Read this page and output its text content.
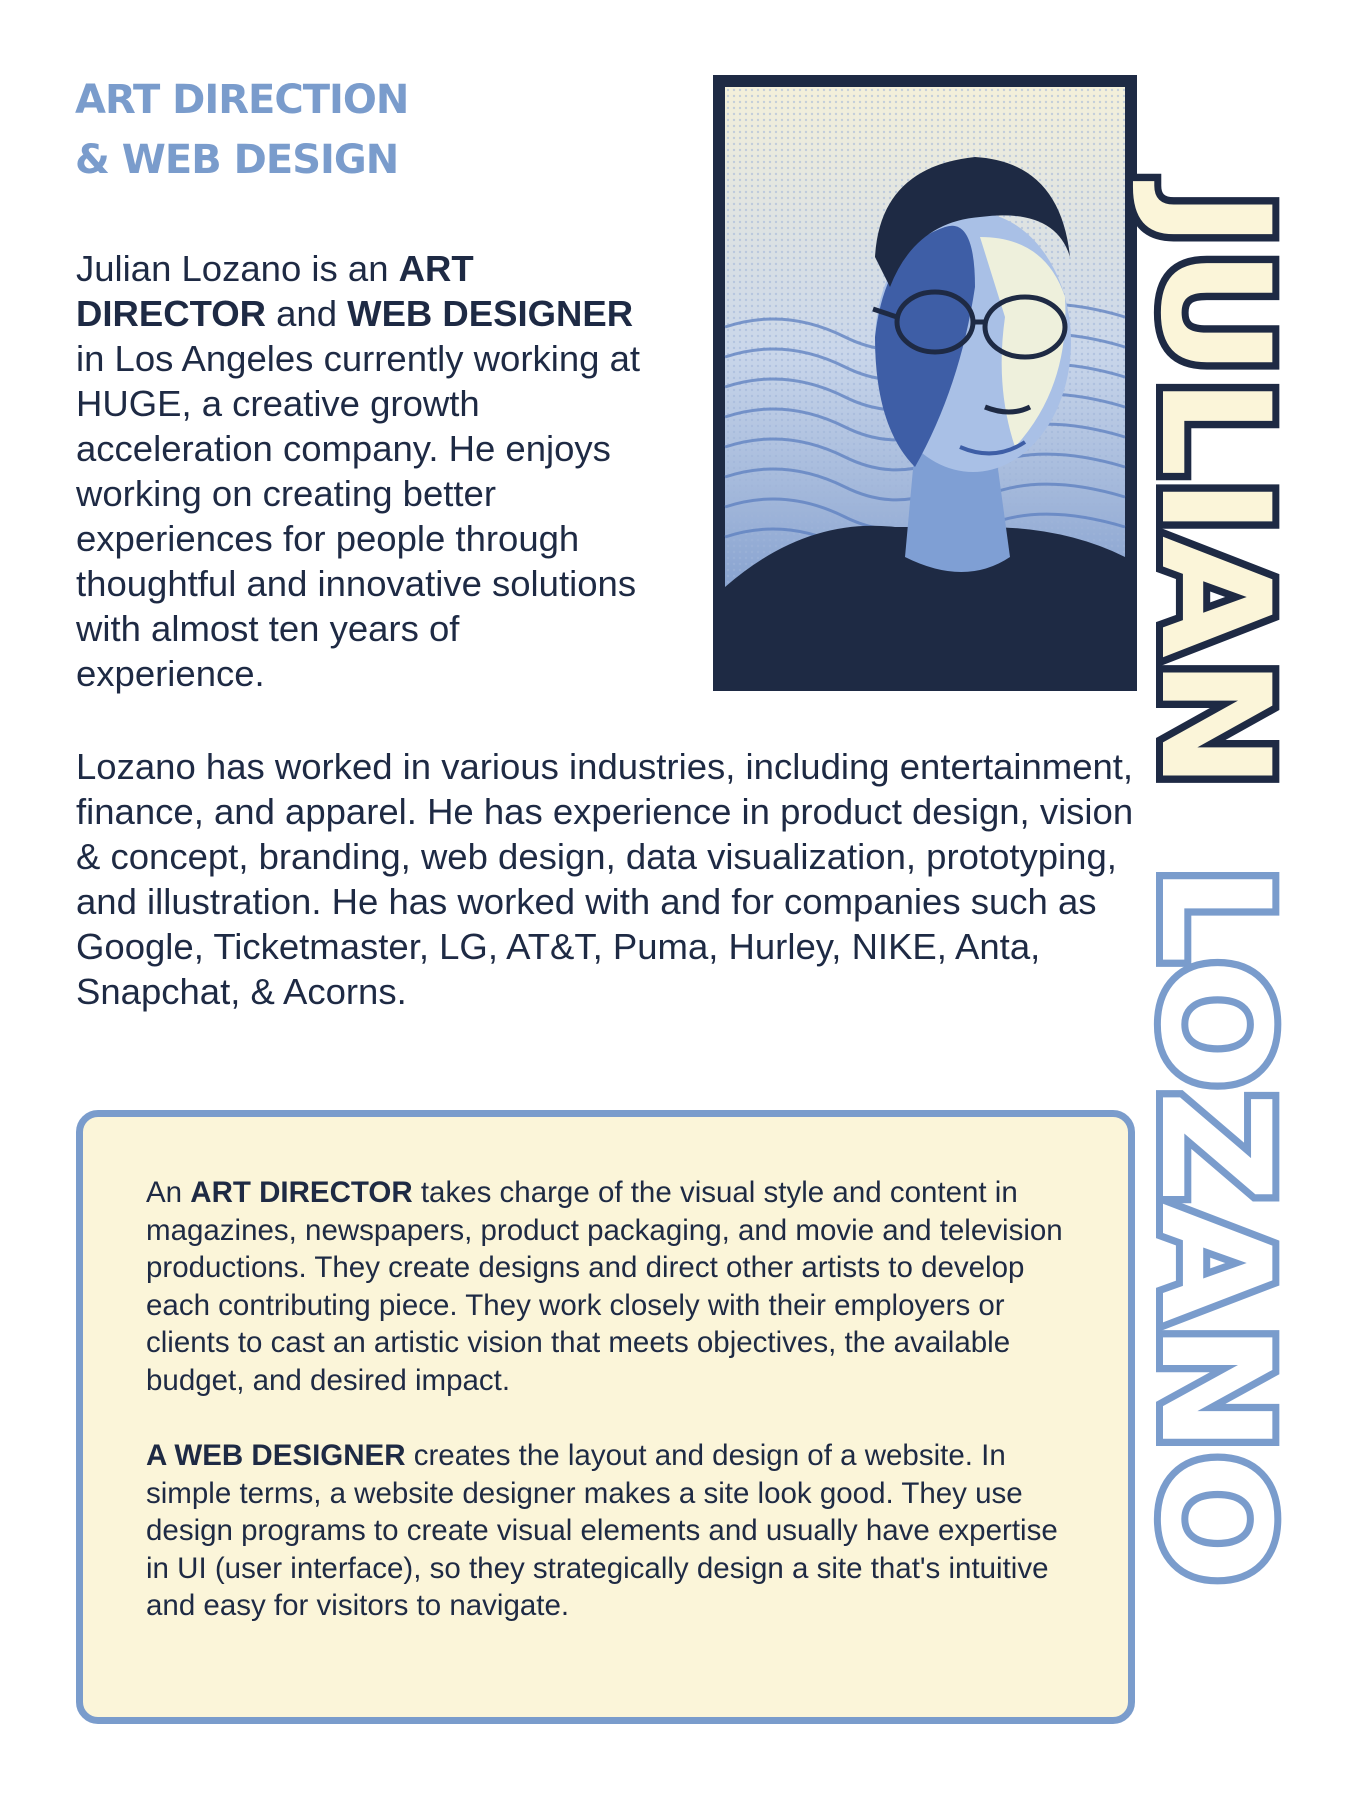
ART DIRECTION
& WEB DESIGN
Julian Lozano is an ART DIRECTOR and WEB DESIGNER in Los Angeles currently working at HUGE, a creative growth acceleration company. He enjoys working on creating better experiences for people through thoughtful and innovative solutions with almost ten years of experience.
Lozano has worked in various industries, including entertainment, finance, and apparel. He has experience in product design, vision & concept, branding, web design, data visualization, prototyping, and illustration. He has worked with and for companies such as Google, Ticketmaster, LG, AT&T, Puma, Hurley, NIKE, Anta, Snapchat, & Acorns.
JULIAN
LOZANO

An ART DIRECTOR takes charge of the visual style and content in magazines, newspapers, product packaging, and movie and television productions. They create designs and direct other artists to develop each contributing piece. They work closely with their employers or clients to cast an artistic vision that meets objectives, the available budget, and desired impact.

A WEB DESIGNER creates the layout and design of a website. In simple terms, a website designer makes a site look good. They use design programs to create visual elements and usually have expertise in UI (user interface), so they strategically design a site that's intuitive and easy for visitors to navigate.
